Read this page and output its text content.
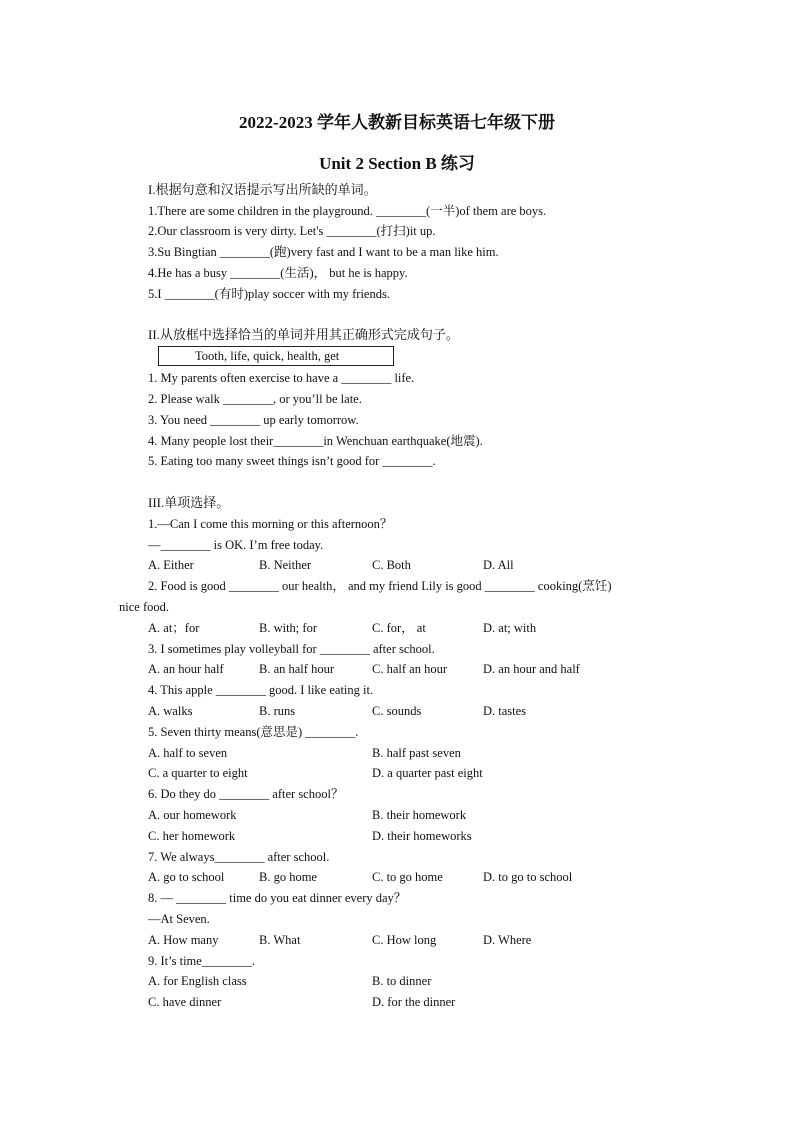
2022-2023 学年人教新目标英语七年级下册
Unit 2 Section B 练习
I.根据句意和汉语提示写出所缺的单词。
1.There are some children in the playground. ________(一半)of them are boys.
2.Our classroom is very dirty. Let's ________(打扫)it up.
3.Su Bingtian ________(跑)very fast and I want to be a man like him.
4.He has a busy ________(生活)， but he is happy.
5.I ________(有时)play soccer with my friends.
II.从放框中选择恰当的单词并用其正确形式完成句子。
Tooth, life, quick, health, get
1. My parents often exercise to have a ________ life.
2. Please walk ________, or you’ll be late.
3. You need ________ up early tomorrow.
4. Many people lost their________in Wenchuan earthquake(地震).
5. Eating too many sweet things isn’t good for ________.
III.单项选择。
1.—Can I come this morning or this afternoon？
—________ is OK. I’m free today.
A. Either	B. Neither	C. Both	D. All
2. Food is good ________ our health， and my friend Lily is good ________ cooking(烹饪)
nice food.
A. at；for	B. with; for	C. for， at	D. at; with
3. I sometimes play volleyball for ________ after school.
A. an hour half	B. an half hour	C. half an hour	D. an hour and half
4. This apple ________ good. I like eating it.
A. walks	B. runs	C. sounds	D. tastes
5. Seven thirty means(意思是) ________.
A. half to seven	B. half past seven
C. a quarter to eight	D. a quarter past eight
6. Do they do ________ after school？
A. our homework	B. their homework
C. her homework	D. their homeworks
7. We always________ after school.
A. go to school	B. go home	C. to go home	D. to go to school
8. — ________ time do you eat dinner every day？
—At Seven.
A. How many	B. What	C. How long	D. Where
9. It’s time________.
A. for English class	B. to dinner
C. have dinner	D. for the dinner
